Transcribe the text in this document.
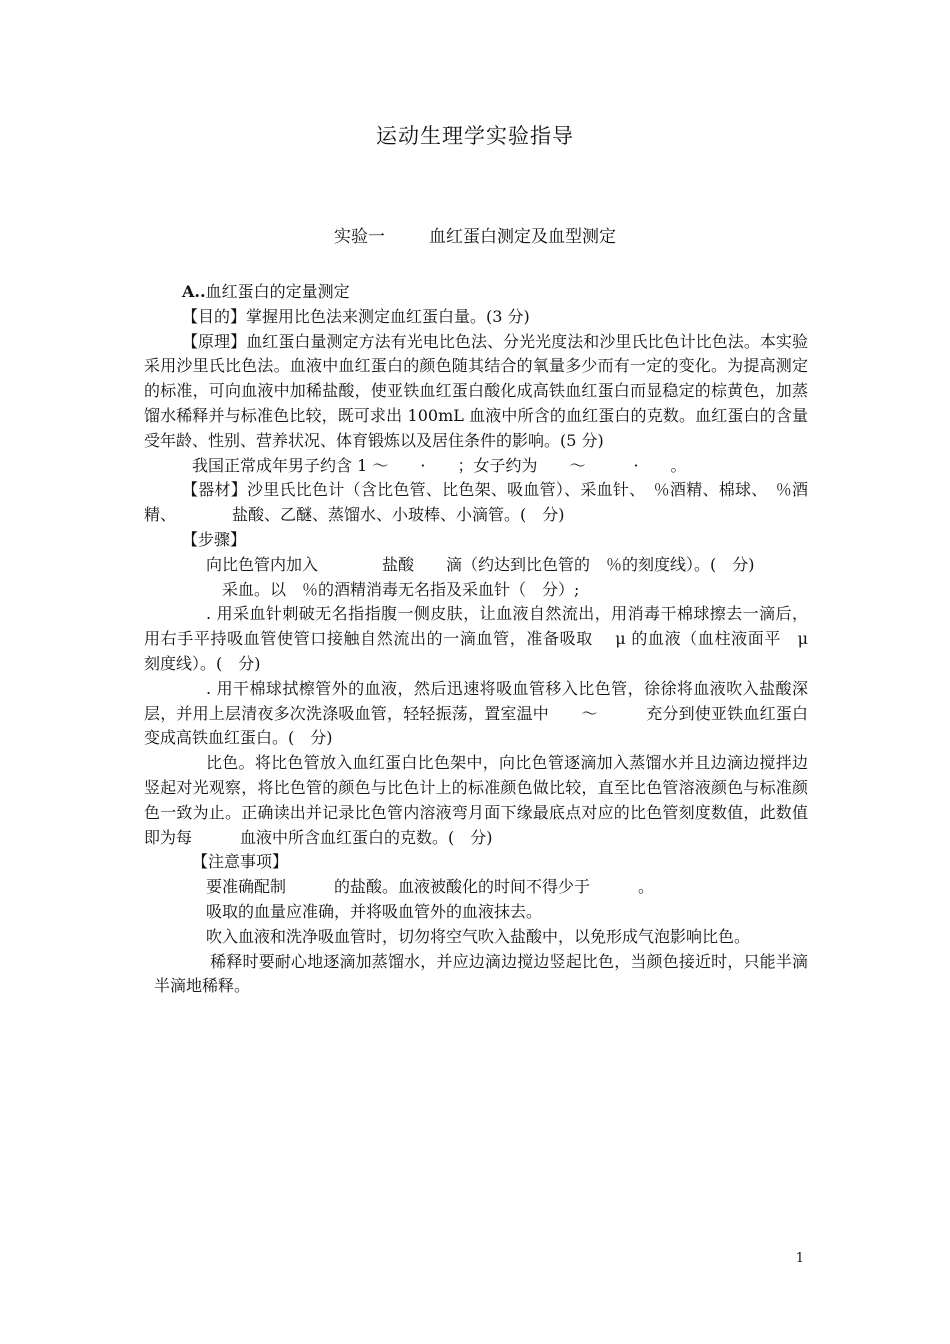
运动生理学实验指导
实验一	血红蛋白测定及血型测定

A..血红蛋白的定量测定

【目的】掌握用比色法来测定血红蛋白量。(3 分)

【原理】血红蛋白量测定方法有光电比色法、分光光度法和沙里氏比色计比色法。本实验采用沙里氏比色法。血液中血红蛋白的颜色随其结合的氧量多少而有一定的变化。为提高测定的标准，可向血液中加稀盐酸，使亚铁血红蛋白酸化成高铁血红蛋白而显稳定的棕黄色，加蒸馏水稀释并与标准色比较，既可求出 100mL 血液中所含的血红蛋白的克数。血红蛋白的含量受年龄、性别、营养状况、体育锻炼以及居住条件的影响。(5 分)

我国正常成年男子约含 1 ～　　·　　；女子约为　　～　　　·　　。

【器材】沙里氏比色计（含比色管、比色架、吸血管）、采血针、　％酒精、棉球、　％酒精、　　　　盐酸、乙醚、蒸馏水、小玻棒、小滴管。(　分)

【步骤】

向比色管内加入　　　　盐酸　　滴（约达到比色管的　％的刻度线）。(　分)

采血。以　％的酒精消毒无名指及采血针（　分）;

. 用采血针刺破无名指指腹一侧皮肤，让血液自然流出，用消毒干棉球擦去一滴后，用右手平持吸血管使管口接触自然流出的一滴血管，准备吸取　 μ 的血液（血柱液面平　μ　刻度线）。(　分)

. 用干棉球拭檫管外的血液，然后迅速将吸血管移入比色管，徐徐将血液吹入盐酸深层，并用上层清夜多次洗涤吸血管，轻轻振荡，置室温中　　～　　　充分到使亚铁血红蛋白变成高铁血红蛋白。(　分)

比色。将比色管放入血红蛋白比色架中，向比色管逐滴加入蒸馏水并且边滴边搅拌边竖起对光观察，将比色管的颜色与比色计上的标准颜色做比较，直至比色管溶液颜色与标准颜色一致为止。正确读出并记录比色管内溶液弯月面下缘最底点对应的比色管刻度数值，此数值即为每　　　血液中所含血红蛋白的克数。(　分)

【注意事项】

要准确配制　　　的盐酸。血液被酸化的时间不得少于　　　。

吸取的血量应准确，并将吸血管外的血液抹去。

吹入血液和洗净吸血管时，切勿将空气吹入盐酸中，以免形成气泡影响比色。

稀释时要耐心地逐滴加蒸馏水，并应边滴边搅边竖起比色，当颜色接近时，只能半滴半滴地稀释。

1
